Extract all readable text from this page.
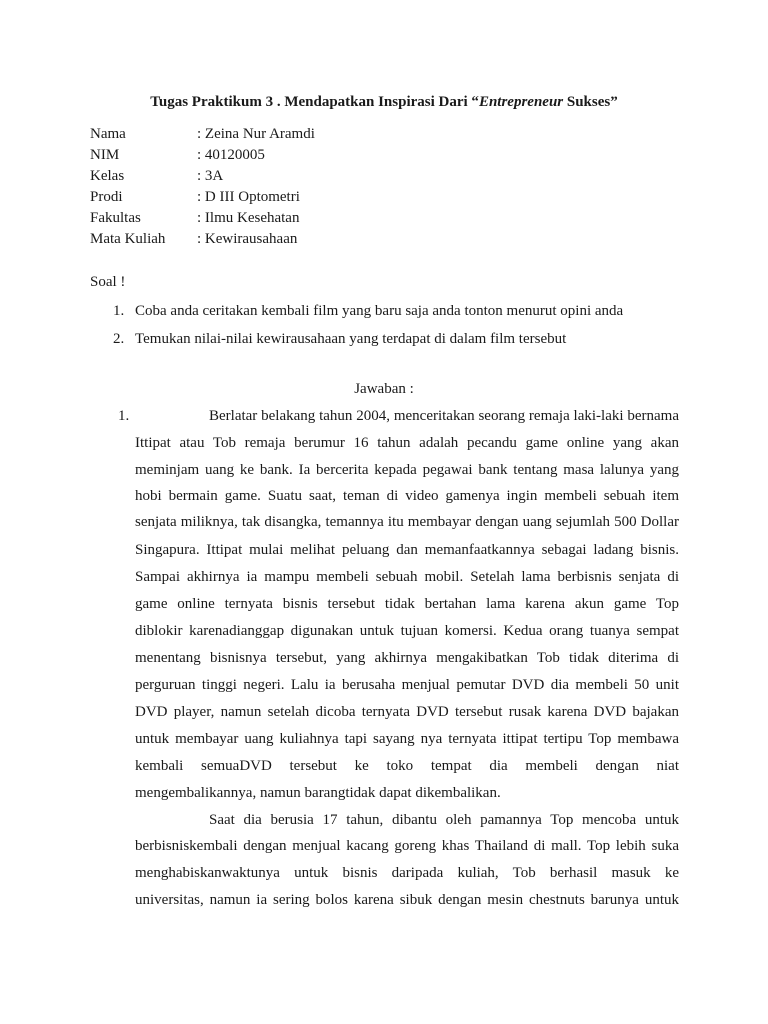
Tugas Praktikum 3 . Mendapatkan Inspirasi Dari “Entrepreneur Sukses”
Nama	: Zeina Nur Aramdi
NIM	: 40120005
Kelas	: 3A
Prodi	: D III Optometri
Fakultas	: Ilmu Kesehatan
Mata Kuliah	: Kewirausahaan
Soal !
1. Coba anda ceritakan kembali film yang baru saja anda tonton menurut opini anda
2. Temukan nilai-nilai kewirausahaan yang terdapat di dalam film tersebut
Jawaban :
1.	Berlatar belakang tahun 2004, menceritakan seorang remaja laki-laki bernama
Ittipat atau Tob remaja berumur 16 tahun adalah pecandu game online yang akan
meminjam uang ke bank. Ia bercerita kepada pegawai bank tentang masa lalunya yang
hobi bermain game. Suatu saat, teman di video gamenya ingin membeli sebuah item
senjata miliknya, tak disangka, temannya itu membayar dengan uang sejumlah 500 Dollar
Singapura. Ittipat mulai melihat peluang dan memanfaatkannya sebagai ladang bisnis.
Sampai akhirnya ia mampu membeli sebuah mobil. Setelah lama berbisnis senjata di
game online ternyata bisnis tersebut tidak bertahan lama karena akun game Top
diblokir karenadianggap digunakan untuk tujuan komersi. Kedua orang tuanya sempat
menentang bisnisnya tersebut, yang akhirnya mengakibatkan Tob tidak diterima di
perguruan tinggi negeri. Lalu ia berusaha menjual pemutar DVD dia membeli 50 unit
DVD player, namun setelah dicoba ternyata DVD tersebut rusak karena DVD bajakan
untuk membayar uang kuliahnya tapi sayang nya ternyata ittipat tertipu Top membawa
kembali semuaDVD tersebut ke toko tempat dia membeli dengan niat
mengembalikannya, namun barangtidak dapat dikembalikan.
Saat dia berusia 17 tahun, dibantu oleh pamannya Top mencoba untuk
berbisniskembali dengan menjual kacang goreng khas Thailand di mall. Top lebih suka
menghabiskanwaktunya untuk bisnis daripada kuliah, Tob berhasil masuk ke
universitas, namun ia sering bolos karena sibuk dengan mesin chestnuts barunya untuk
